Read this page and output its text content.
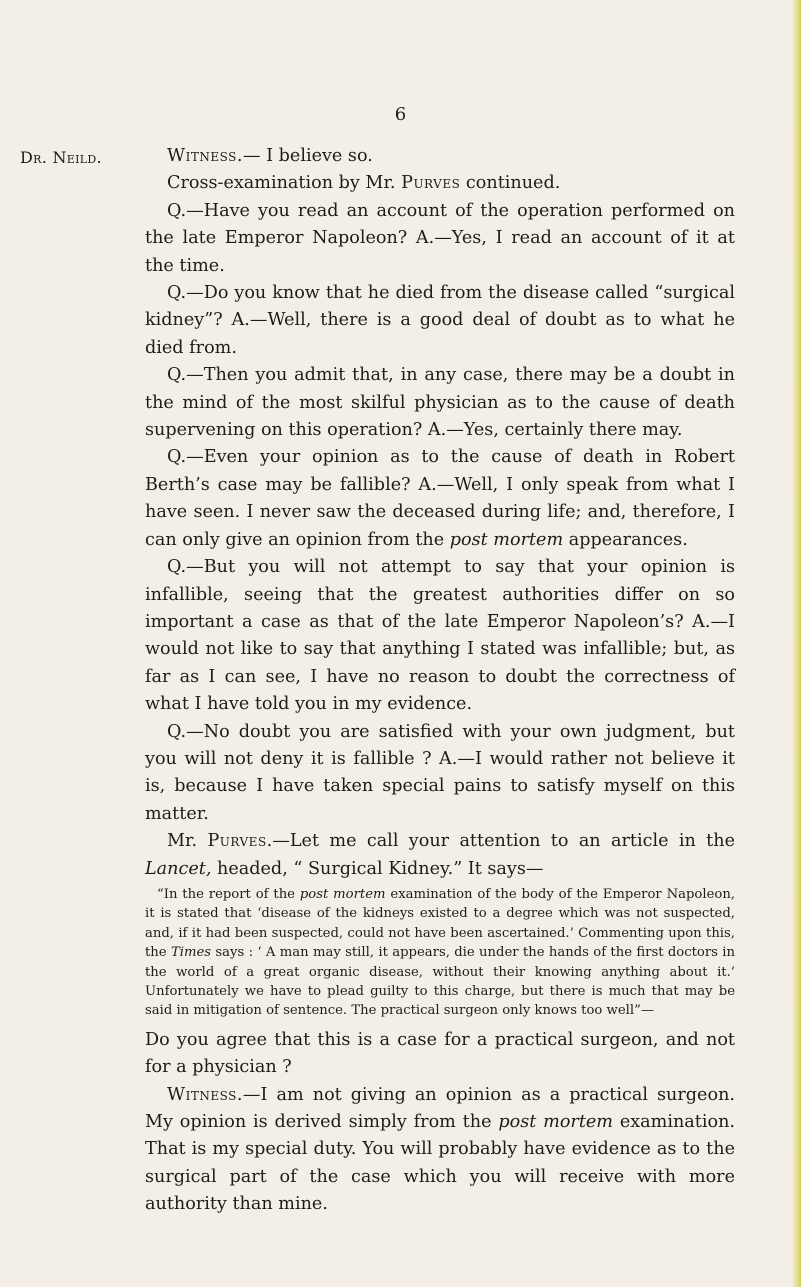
6
Dr. Neild.	Witness.— I believe so.

Cross-examination by Mr. Purves continued.

Q.—Have you read an account of the operation performed on the late Emperor Napoleon? A.—Yes, I read an account of it at the time.

Q.—Do you know that he died from the disease called “surgical kidney”? A.—Well, there is a good deal of doubt as to what he died from.

Q.—Then you admit that, in any case, there may be a doubt in the mind of the most skilful physician as to the cause of death supervening on this operation? A.—Yes, certainly there may.

Q.—Even your opinion as to the cause of death in Robert Berth’s case may be fallible? A.—Well, I only speak from what I have seen. I never saw the deceased during life; and, therefore, I can only give an opinion from the post mortem appearances.

Q.—But you will not attempt to say that your opinion is infallible, seeing that the greatest authorities differ on so important a case as that of the late Emperor Napoleon’s? A.—I would not like to say that anything I stated was infallible; but, as far as I can see, I have no reason to doubt the correctness of what I have told you in my evidence.

Q.—No doubt you are satisfied with your own judgment, but you will not deny it is fallible ? A.—I would rather not believe it is, because I have taken special pains to satisfy myself on this matter.

Mr. Purves.—Let me call your attention to an article in the Lancet, headed, “ Surgical Kidney.” It says—

“In the report of the post mortem examination of the body of the Emperor Napoleon, it is stated that ‘disease of the kidneys existed to a degree which was not suspected, and, if it had been suspected, could not have been ascertained.’ Commenting upon this, the Times says : ‘ A man may still, it appears, die under the hands of the first doctors in the world of a great organic disease, without their knowing anything about it.’ Unfortunately we have to plead guilty to this charge, but there is much that may be said in mitigation of sentence. The practical surgeon only knows too well”—

Do you agree that this is a case for a practical surgeon, and not for a physician ?

Witness.—I am not giving an opinion as a practical surgeon. My opinion is derived simply from the post mortem examination. That is my special duty. You will probably have evidence as to the surgical part of the case which you will receive with more authority than mine.
